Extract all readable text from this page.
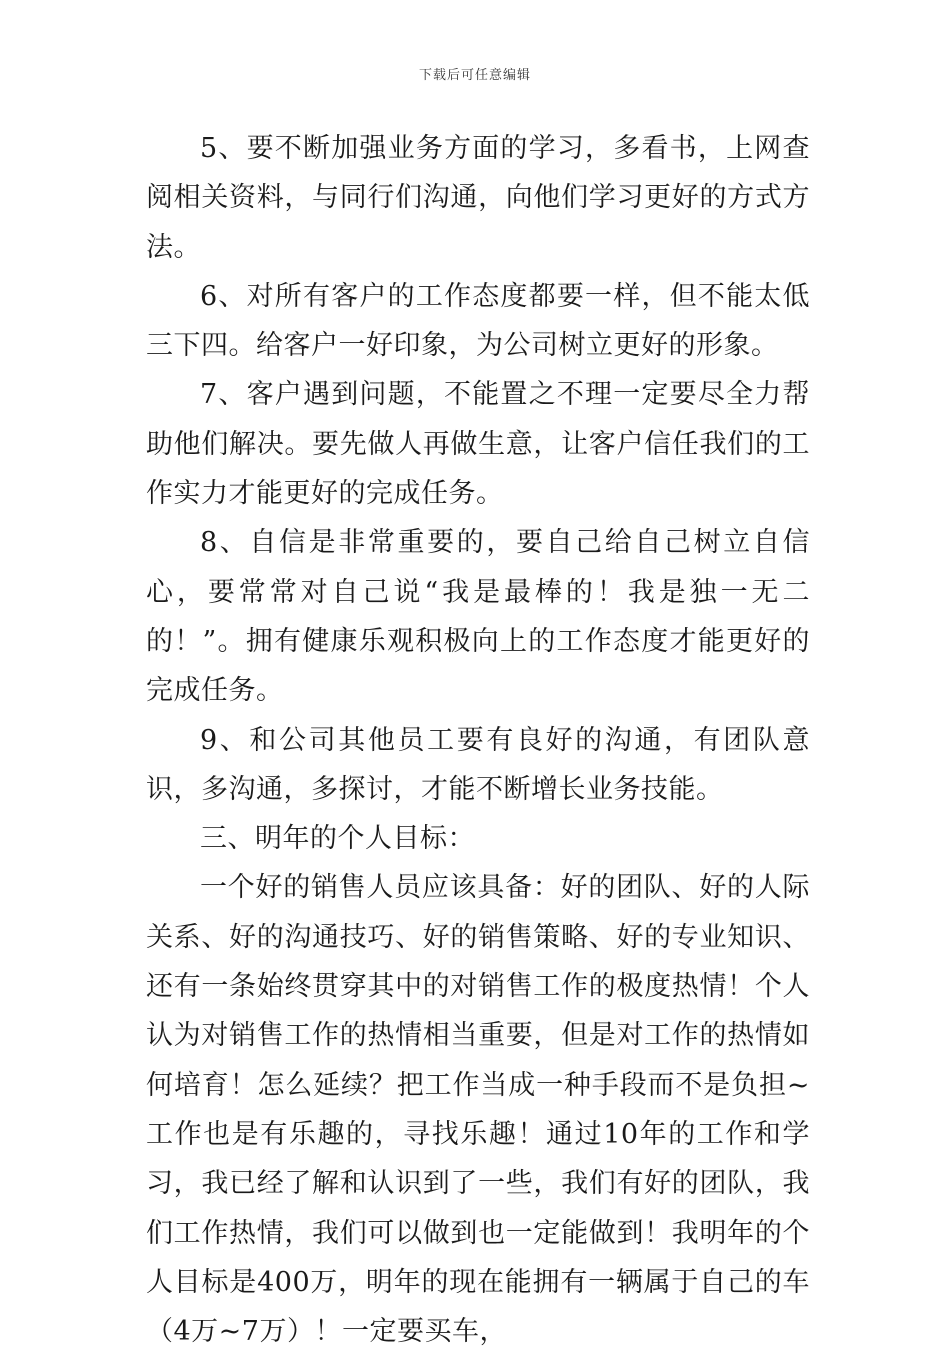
下载后可任意编辑

5、要不断加强业务方面的学习，多看书，上网查阅相关资料，与同行们沟通，向他们学习更好的方式方法。

6、对所有客户的工作态度都要一样，但不能太低三下四。给客户一好印象，为公司树立更好的形象。

7、客户遇到问题，不能置之不理一定要尽全力帮助他们解决。要先做人再做生意，让客户信任我们的工作实力才能更好的完成任务。

8、自信是非常重要的，要自己给自己树立自信心，要常常对自己说“我是最棒的！我是独一无二的！”。拥有健康乐观积极向上的工作态度才能更好的完成任务。

9、和公司其他员工要有良好的沟通，有团队意识，多沟通，多探讨，才能不断增长业务技能。

三、明年的个人目标：

一个好的销售人员应该具备：好的团队、好的人际关系、好的沟通技巧、好的销售策略、好的专业知识、还有一条始终贯穿其中的对销售工作的极度热情！个人认为对销售工作的热情相当重要，但是对工作的热情如何培育！怎么延续？把工作当成一种手段而不是负担~工作也是有乐趣的，寻找乐趣！通过10年的工作和学习，我已经了解和认识到了一些，我们有好的团队，我们工作热情，我们可以做到也一定能做到！我明年的个人目标是400万，明年的现在能拥有一辆属于自己的车（4万~7万）！一定要买车，
